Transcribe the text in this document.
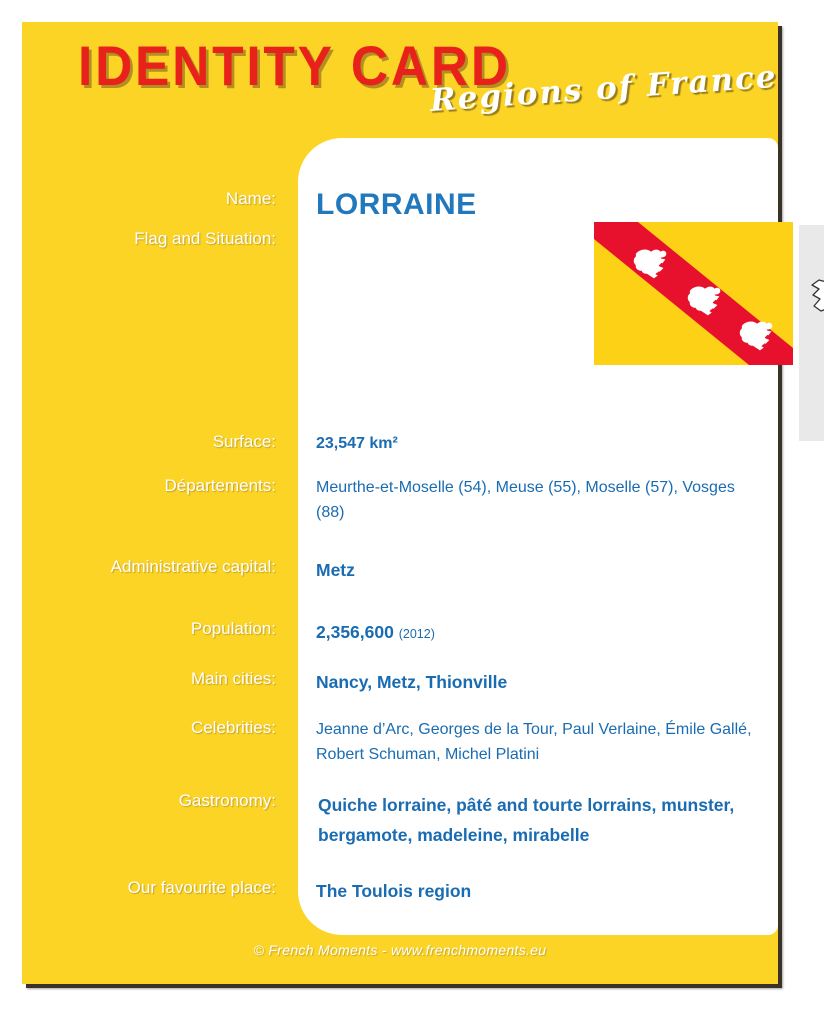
IDENTITY CARD
Regions of France
Name: LORRAINE
Flag and Situation:
Surface:	23,547 km²
Départements:	Meurthe-et-Moselle (54), Meuse (55), Moselle (57), Vosges (88)
Administrative capital: Metz
Population: 2,356,600 (2012)
Main cities: Nancy, Metz, Thionville
Celebrities:	Jeanne d’Arc, Georges de la Tour, Paul Verlaine, Émile Gallé, Robert Schuman, Michel Platini
Gastronomy: Quiche lorraine, pâté and tourte lorrains, munster, bergamote, madeleine, mirabelle
Our favourite place: The Toulois region
© French Moments - www.frenchmoments.eu
